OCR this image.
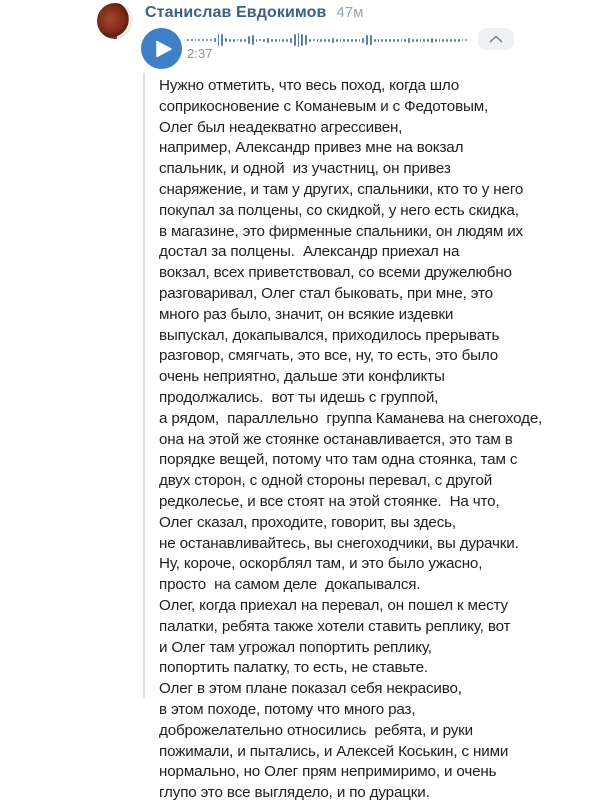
Станислав Евдокимов 47м
2:37
Нужно отметить, что весь поход, когда шло
соприкосновение с Команевым и с Федотовым,
Олег был неадекватно агрессивен,
например, Александр привез мне на вокзал
спальник, и одной  из участниц, он привез
снаряжение, и там у других, спальники, кто то у него
покупал за полцены, со скидкой, у него есть скидка,
в магазине, это фирменные спальники, он людям их
достал за полцены.  Александр приехал на
вокзал, всех приветствовал, со всеми дружелюбно
разговаривал, Олег стал быковать, при мне, это
много раз было, значит, он всякие издевки
выпускал, докапывался, приходилось прерывать
разговор, смягчать, это все, ну, то есть, это было
очень неприятно, дальше эти конфликты
продолжались.  вот ты идешь с группой,
а рядом,  параллельно  группа Каманева на снегоходе,
она на этой же стоянке останавливается, это там в
порядке вещей, потому что там одна стоянка, там с
двух сторон, с одной стороны перевал, с другой
редколесье, и все стоят на этой стоянке.  На что,
Олег сказал, проходите, говорит, вы здесь,
не останавливайтесь, вы снегоходчики, вы дурачки.
Ну, короче, оскорблял там, и это было ужасно,
просто  на самом деле  докапывался.
Олег, когда приехал на перевал, он пошел к месту
палатки, ребята также хотели ставить реплику, вот
и Олег там угрожал попортить реплику,
попортить палатку, то есть, не ставьте.
Олег в этом плане показал себя некрасиво,
в этом походе, потому что много раз,
доброжелательно относились  ребята, и руки
пожимали, и пытались, и Алексей Коськин, с ними
нормально, но Олег прям непримиримо, и очень
глупо это все выглядело, и по дурацки.
